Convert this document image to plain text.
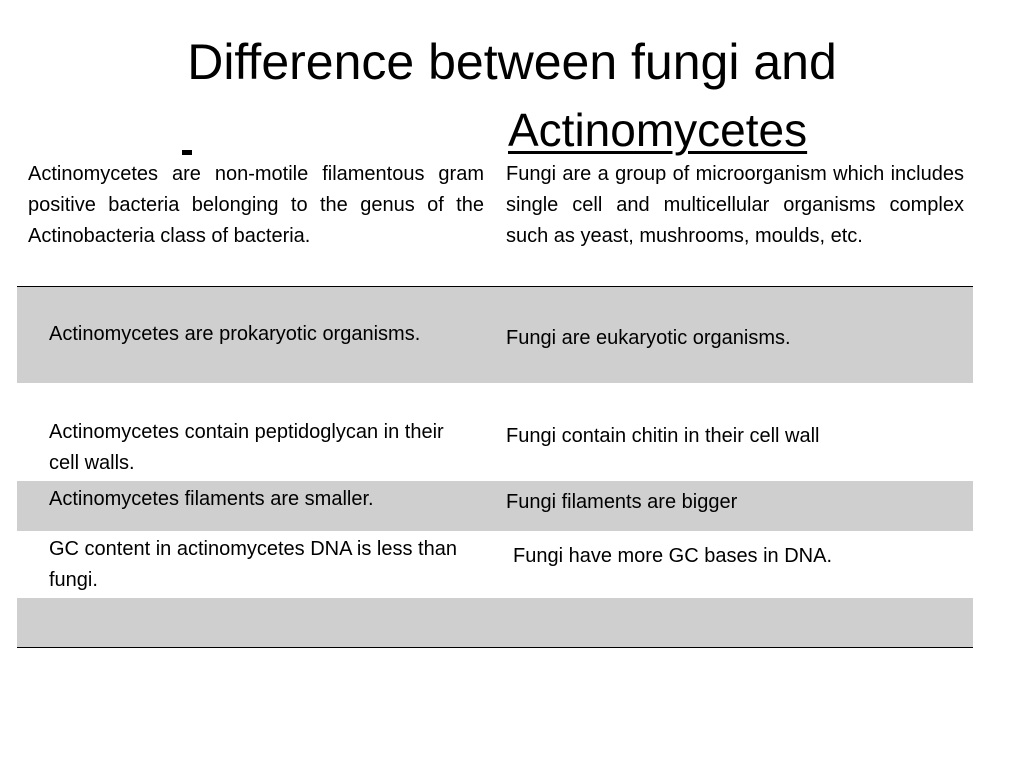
Difference between fungi and
Actinomycetes
Actinomycetes are non-motile filamentous gram positive bacteria belonging to the genus of the Actinobacteria class of bacteria.
Fungi are a group of microorganism which includes single cell and multicellular organisms complex such as yeast, mushrooms, moulds, etc.
Actinomycetes are prokaryotic organisms.	Fungi are eukaryotic organisms.
Actinomycetes contain peptidoglycan in their cell walls.
Fungi contain chitin in their cell wall
Actinomycetes filaments are smaller.	Fungi filaments are bigger
GC content in actinomycetes DNA is less than fungi.
Fungi have more GC bases in DNA.
